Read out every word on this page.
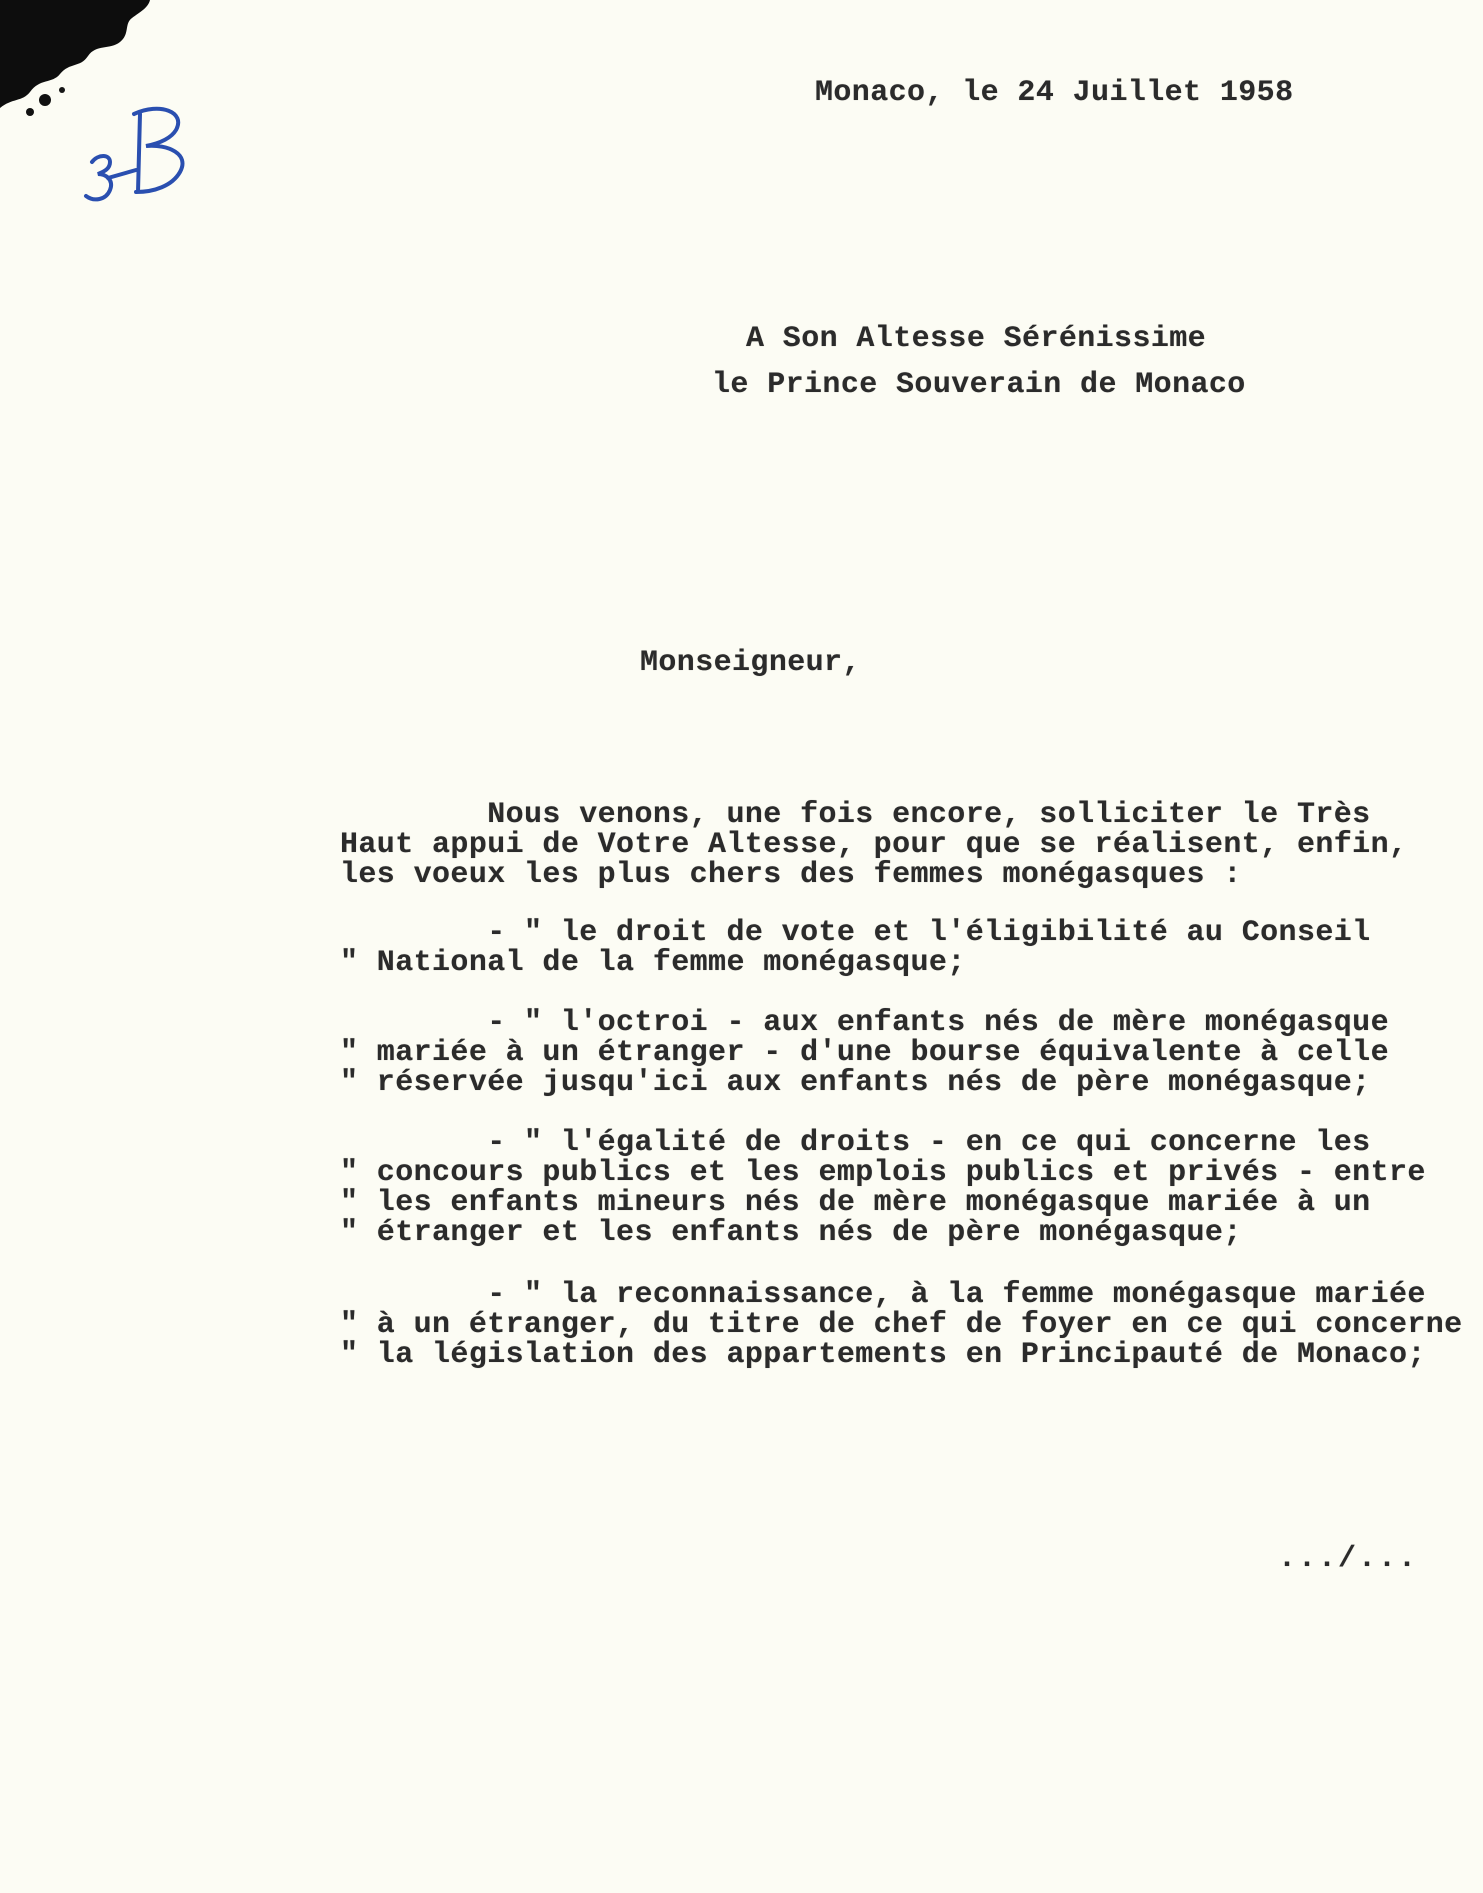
Monaco, le 24 Juillet 1958
A Son Altesse Sérénissime
le Prince Souverain de Monaco
Monseigneur,
Nous venons, une fois encore, solliciter le Très
Haut appui de Votre Altesse, pour que se réalisent, enfin,
les voeux les plus chers des femmes monégasques :
- " le droit de vote et l'éligibilité au Conseil
" National de la femme monégasque;
- " l'octroi - aux enfants nés de mère monégasque
" mariée à un étranger - d'une bourse équivalente à celle
" réservée jusqu'ici aux enfants nés de père monégasque;
- " l'égalité de droits - en ce qui concerne les
" concours publics et les emplois publics et privés - entre
" les enfants mineurs nés de mère monégasque mariée à un
" étranger et les enfants nés de père monégasque;
- " la reconnaissance, à la femme monégasque mariée
" à un étranger, du titre de chef de foyer en ce qui concerne
" la législation des appartements en Principauté de Monaco;
.../...
